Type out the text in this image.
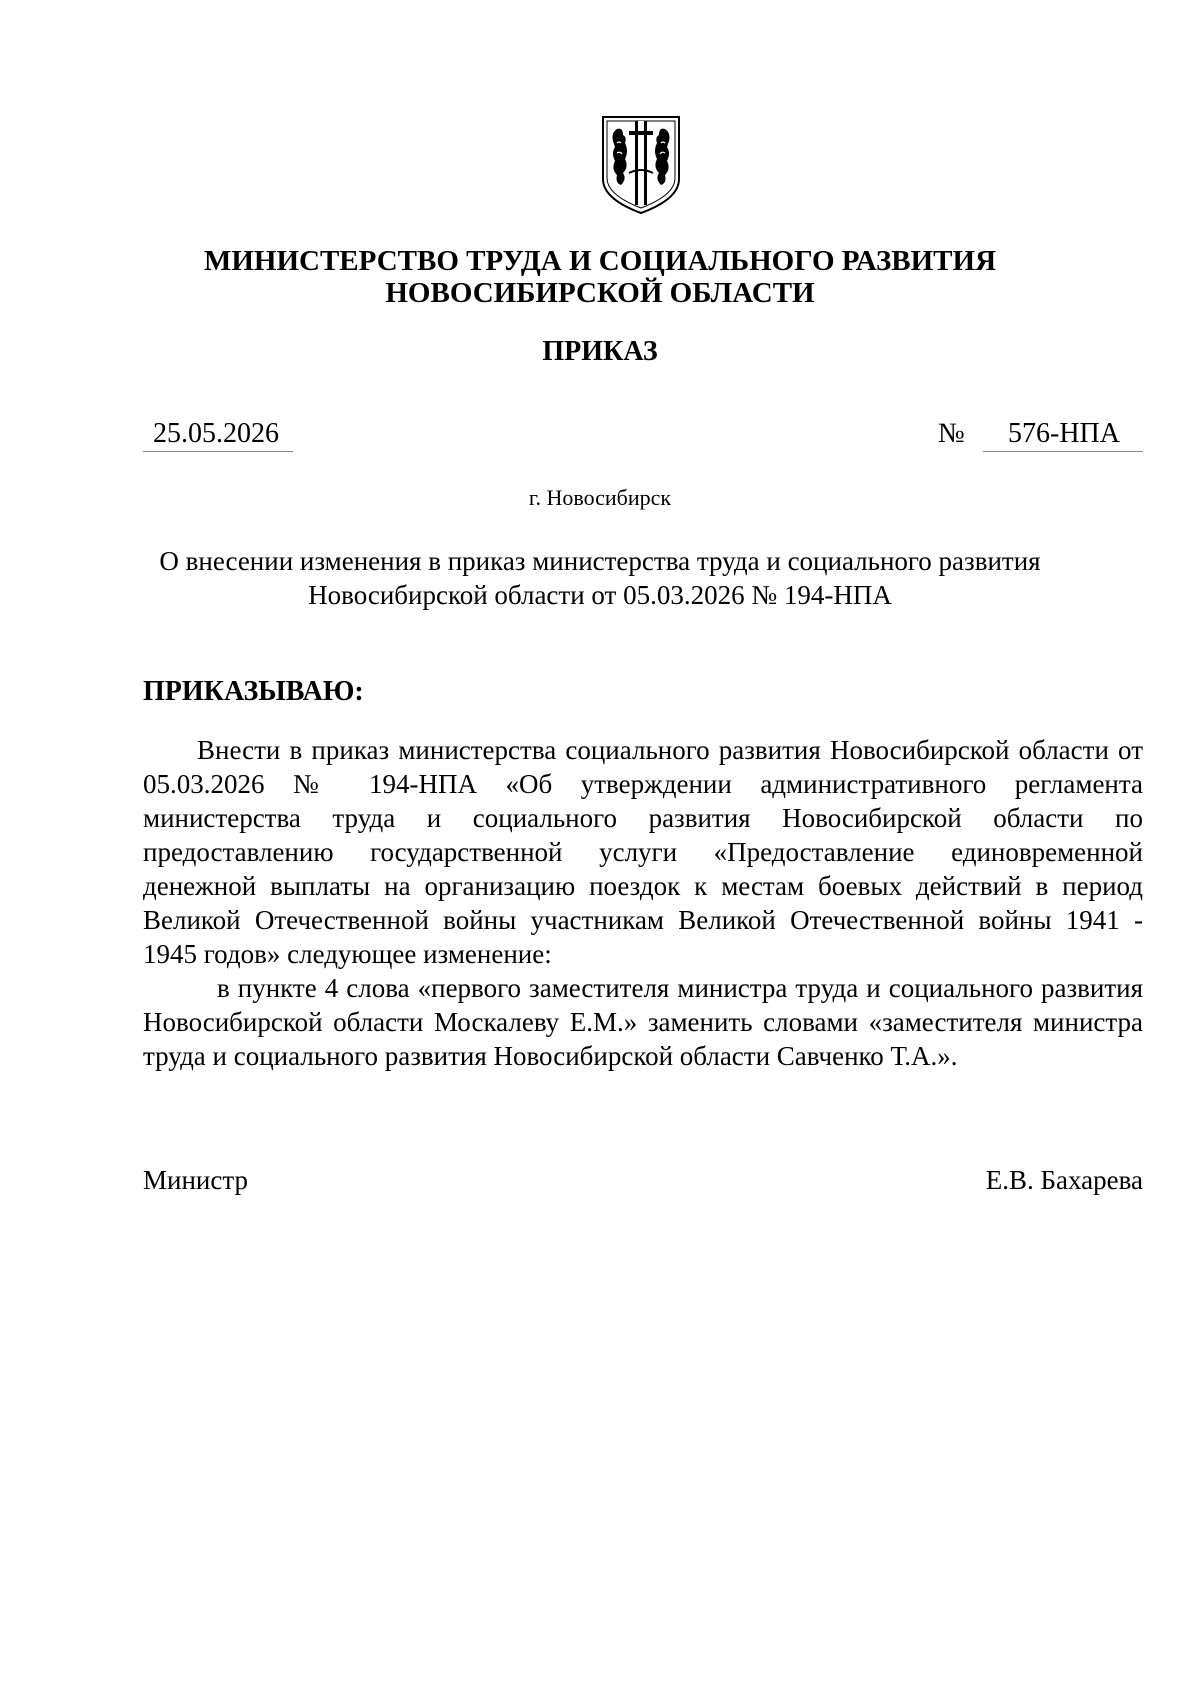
МИНИСТЕРСТВО ТРУДА И СОЦИАЛЬНОГО РАЗВИТИЯ
НОВОСИБИРСКОЙ ОБЛАСТИ
ПРИКАЗ
25.05.2026	№	576-НПА
г. Новосибирск
О внесении изменения в приказ министерства труда и социального развития
Новосибирской области от 05.03.2026 № 194-НПА
ПРИКАЗЫВАЮ:

Внести в приказ министерства социального развития Новосибирской области от 05.03.2026 № 194-НПА «Об утверждении административного регламента министерства труда и социального развития Новосибирской области по предоставлению государственной услуги «Предоставление единовременной денежной выплаты на организацию поездок к местам боевых действий в период Великой Отечественной войны участникам Великой Отечественной войны 1941 - 1945 годов» следующее изменение:

в пункте 4 слова «первого заместителя министра труда и социального развития Новосибирской области Москалеву Е.М.» заменить словами «заместителя министра труда и социального развития Новосибирской области Савченко Т.А.».

Министр	Е.В. Бахарева
